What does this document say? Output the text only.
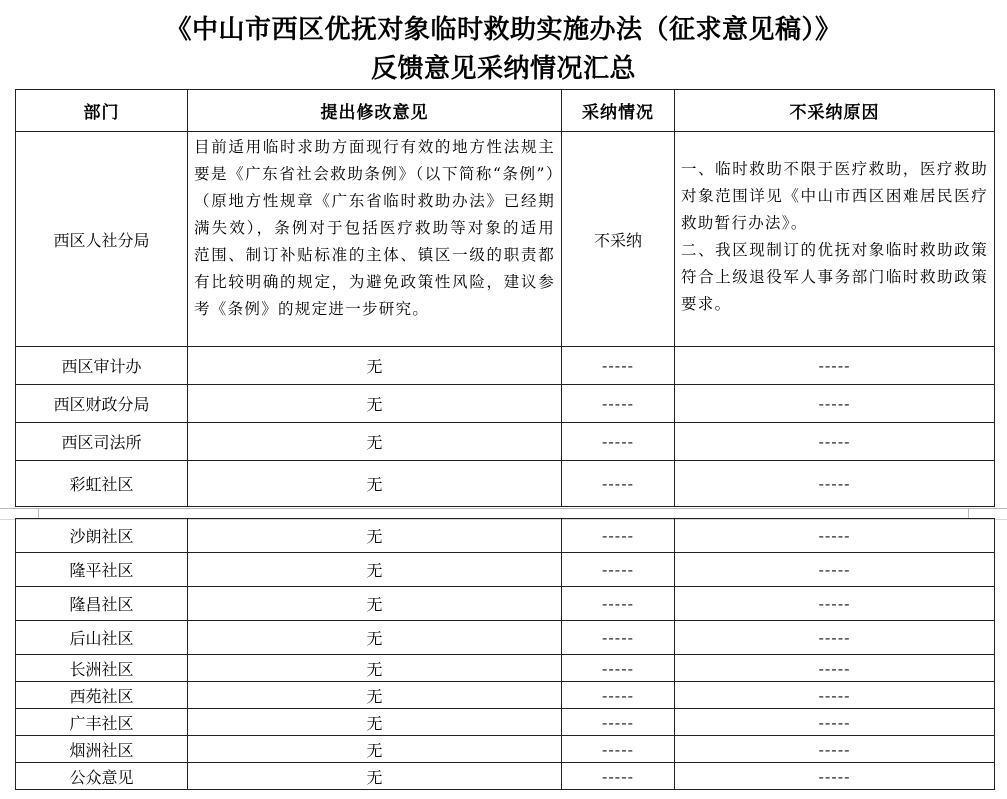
《中山市西区优抚对象临时救助实施办法（征求意见稿）》
反馈意见采纳情况汇总
部门	提出修改意见	采纳情况	不采纳原因
西区人社分局	目前适用临时求助方面现行有效的地方性法规主要是《广东省社会救助条例》（以下简称“条例”）（原地方性规章《广东省临时救助办法》已经期满失效），条例对于包括医疗救助等对象的适用范围、制订补贴标准的主体、镇区一级的职责都有比较明确的规定，为避免政策性风险，建议参考《条例》的规定进一步研究。	不采纳	一、临时救助不限于医疗救助，医疗救助对象范围详见《中山市西区困难居民医疗救助暂行办法》。
二、我区现制订的优抚对象临时救助政策符合上级退役军人事务部门临时救助政策要求。

西区审计办	无	-----	-----
西区财政分局	无	-----	-----
西区司法所	无	-----	-----
彩虹社区	无	-----	-----
沙朗社区	无	-----	-----
隆平社区	无	-----	-----
隆昌社区	无	-----	-----
后山社区	无	-----	-----
长洲社区	无	-----	-----
西苑社区	无	-----	-----
广丰社区	无	-----	-----
烟洲社区	无	-----	-----
公众意见	无	-----	-----
